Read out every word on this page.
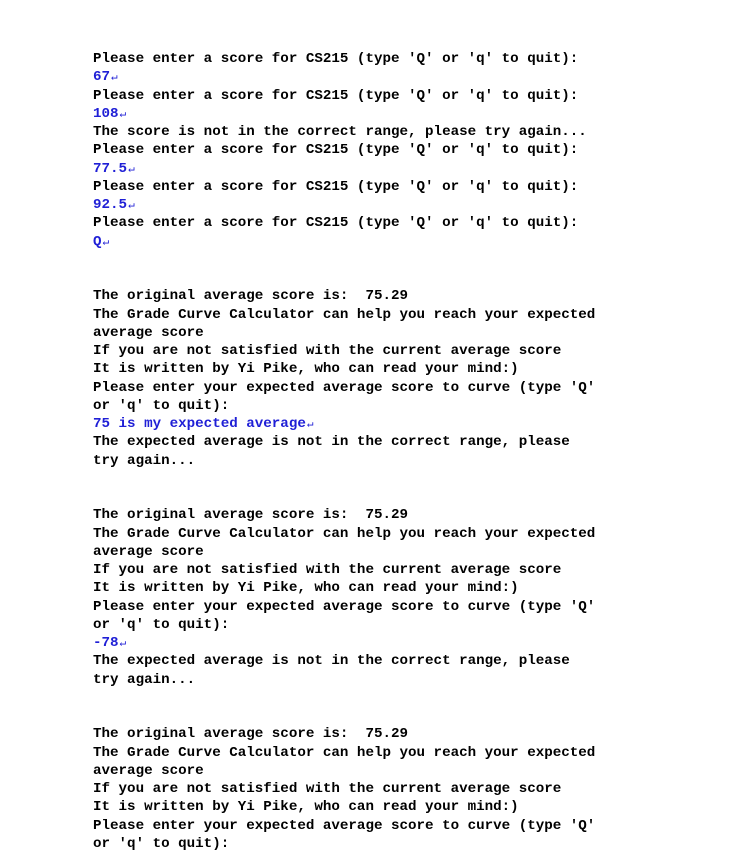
Please enter a score for CS215 (type 'Q' or 'q' to quit):
67↵
Please enter a score for CS215 (type 'Q' or 'q' to quit):
108↵
The score is not in the correct range, please try again...
Please enter a score for CS215 (type 'Q' or 'q' to quit):
77.5↵
Please enter a score for CS215 (type 'Q' or 'q' to quit):
92.5↵
Please enter a score for CS215 (type 'Q' or 'q' to quit):
Q↵
The original average score is:  75.29
The Grade Curve Calculator can help you reach your expected
average score
If you are not satisfied with the current average score
It is written by Yi Pike, who can read your mind:)
Please enter your expected average score to curve (type 'Q'
or 'q' to quit):
75 is my expected average↵
The expected average is not in the correct range, please
try again...
The original average score is:  75.29
The Grade Curve Calculator can help you reach your expected
average score
If you are not satisfied with the current average score
It is written by Yi Pike, who can read your mind:)
Please enter your expected average score to curve (type 'Q'
or 'q' to quit):
-78↵
The expected average is not in the correct range, please
try again...
The original average score is:  75.29
The Grade Curve Calculator can help you reach your expected
average score
If you are not satisfied with the current average score
It is written by Yi Pike, who can read your mind:)
Please enter your expected average score to curve (type 'Q'
or 'q' to quit):
